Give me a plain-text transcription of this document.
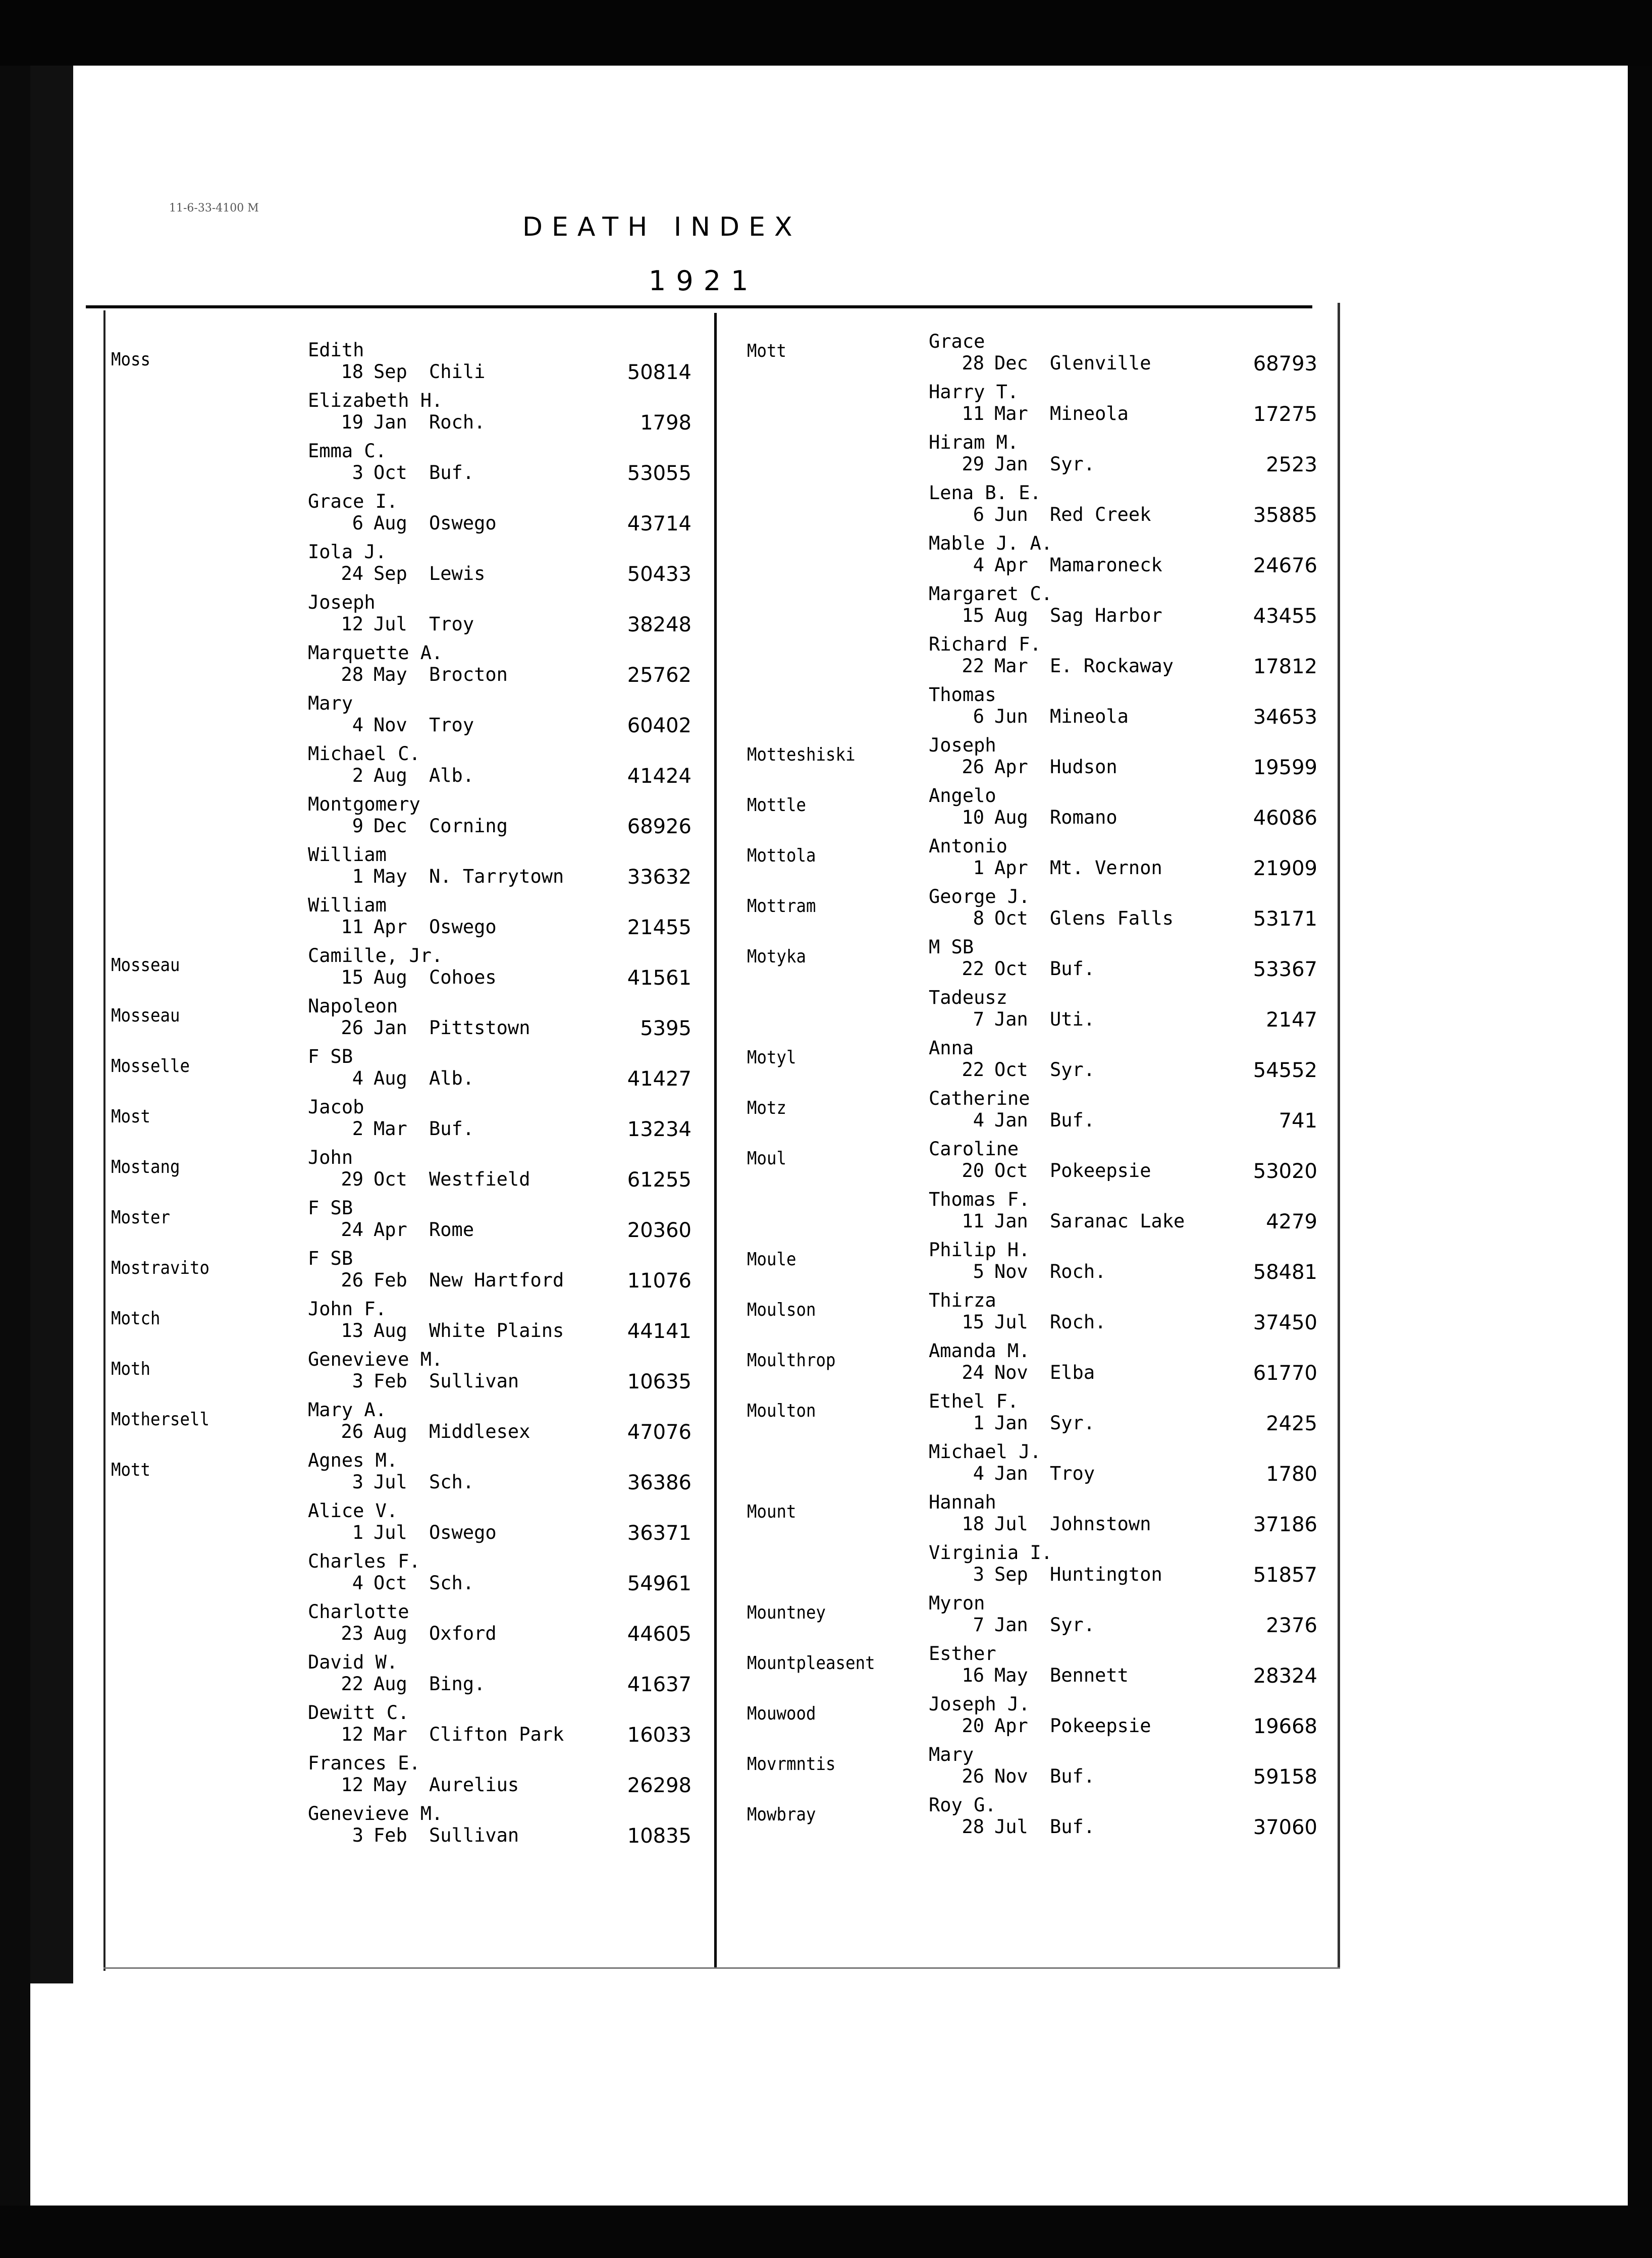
11-6-33-4100 M
DEATH INDEX
1921
Moss	Edith
18 Sep Chili	50814
Elizabeth H.
19 Jan Roch.	1798
Emma C.
3 Oct Buf.	53055
Grace I.
6 Aug Oswego	43714
Iola J.
24 Sep Lewis	50433
Joseph
12 Jul Troy	38248
Marquette A.
28 May Brocton	25762
Mary
4 Nov Troy	60402
Michael C.
2 Aug Alb.	41424
Montgomery
9 Dec Corning	68926
William
1 May N. Tarrytown	33632
William
11 Apr Oswego	21455
Mosseau	Camille, Jr.
15 Aug Cohoes	41561
Mosseau	Napoleon
26 Jan Pittstown	5395
Mosselle	F SB
4 Aug Alb.	41427
Most	Jacob
2 Mar Buf.	13234
Mostang	John
29 Oct Westfield	61255
Moster	F SB
24 Apr Rome	20360
Mostravito	F SB
26 Feb New Hartford	11076
Motch	John F.
13 Aug White Plains	44141
Moth	Genevieve M.
3 Feb Sullivan	10635
Mothersell	Mary A.
26 Aug Middlesex	47076
Mott	Agnes M.
3 Jul Sch.	36386
Alice V.
1 Jul Oswego	36371
Charles F.
4 Oct Sch.	54961
Charlotte
23 Aug Oxford	44605
David W.
22 Aug Bing.	41637
Dewitt C.
12 Mar Clifton Park	16033
Frances E.
12 May Aurelius	26298
Genevieve M.
3 Feb Sullivan	10835
Mott	Grace
28 Dec Glenville	68793
Harry T.
11 Mar Mineola	17275
Hiram M.
29 Jan Syr.	2523
Lena B. E.
6 Jun Red Creek	35885
Mable J. A.
4 Apr Mamaroneck	24676
Margaret C.
15 Aug Sag Harbor	43455
Richard F.
22 Mar E. Rockaway	17812
Thomas
6 Jun Mineola	34653
Motteshiski	Joseph
26 Apr Hudson	19599
Mottle	Angelo
10 Aug Romano	46086
Mottola	Antonio
1 Apr Mt. Vernon	21909
Mottram	George J.
8 Oct Glens Falls	53171
Motyka	M SB
22 Oct Buf.	53367
Tadeusz
7 Jan Uti.	2147
Motyl	Anna
22 Oct Syr.	54552
Motz	Catherine
4 Jan Buf.	741
Moul	Caroline
20 Oct Pokeepsie	53020
Thomas F.
11 Jan Saranac Lake	4279
Moule	Philip H.
5 Nov Roch.	58481
Moulson	Thirza
15 Jul Roch.	37450
Moulthrop	Amanda M.
24 Nov Elba	61770
Moulton	Ethel F.
1 Jan Syr.	2425
Michael J.
4 Jan Troy	1780
Mount	Hannah
18 Jul Johnstown	37186
Virginia I.
3 Sep Huntington	51857
Mountney	Myron
7 Jan Syr.	2376
Mountpleasent	Esther
16 May Bennett	28324
Mouwood	Joseph J.
20 Apr Pokeepsie	19668
Movrmntis	Mary
26 Nov Buf.	59158
Mowbray	Roy G.
28 Jul Buf.	37060
